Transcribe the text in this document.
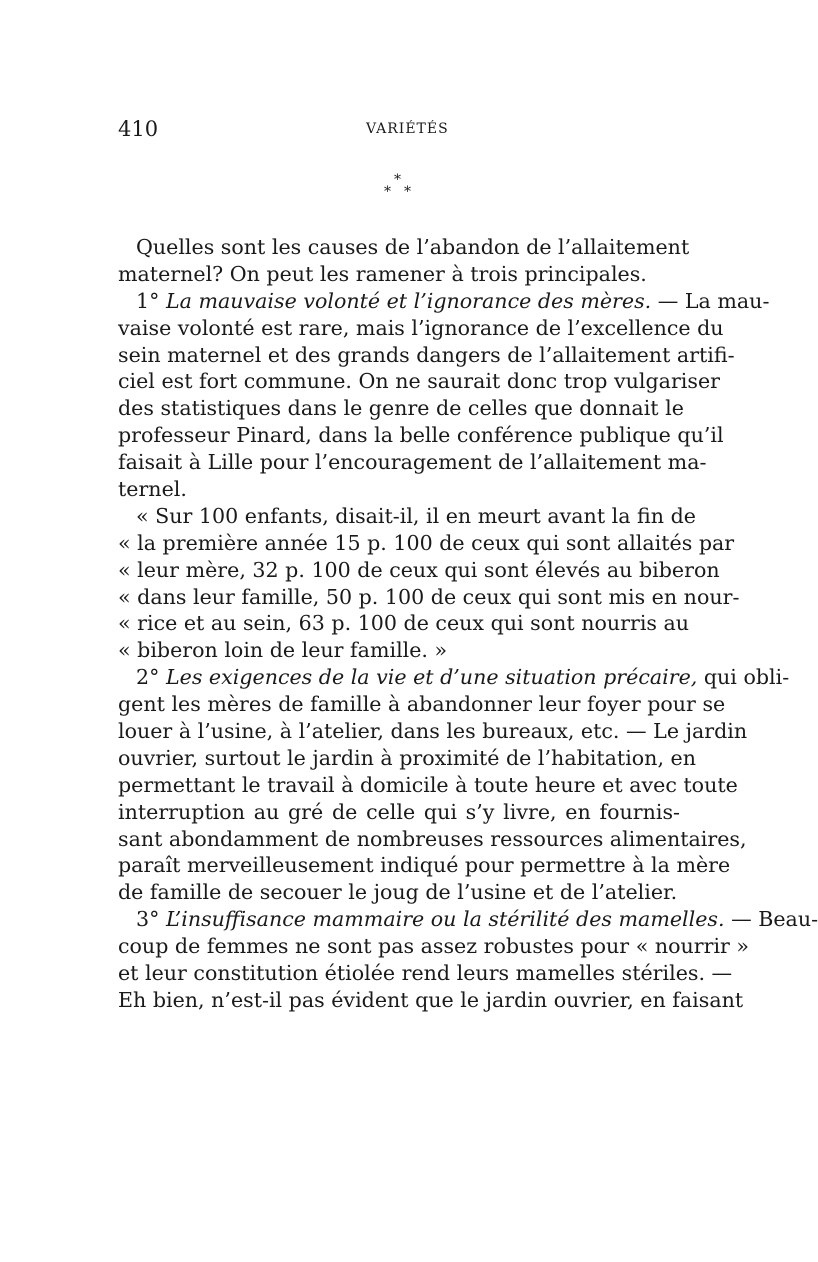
410	VARIÉTÉS
*
* *
Quelles sont les causes de l’abandon de l’allaitement
maternel? On peut les ramener à trois principales.
1° La mauvaise volonté et l’ignorance des mères. — La mau-
vaise volonté est rare, mais l’ignorance de l’excellence du
sein maternel et des grands dangers de l’allaitement artifi-
ciel est fort commune. On ne saurait donc trop vulgariser
des statistiques dans le genre de celles que donnait le
professeur Pinard, dans la belle conférence publique qu’il
faisait à Lille pour l’encouragement de l’allaitement ma-
ternel.
« Sur 100 enfants, disait-il, il en meurt avant la fin de
« la première année 15 p. 100 de ceux qui sont allaités par
« leur mère, 32 p. 100 de ceux qui sont élevés au biberon
« dans leur famille, 50 p. 100 de ceux qui sont mis en nour-
« rice et au sein, 63 p. 100 de ceux qui sont nourris au
« biberon loin de leur famille. »
2° Les exigences de la vie et d’une situation précaire, qui obli-
gent les mères de famille à abandonner leur foyer pour se
louer à l’usine, à l’atelier, dans les bureaux, etc. — Le jardin
ouvrier, surtout le jardin à proximité de l’habitation, en
permettant le travail à domicile à toute heure et avec toute
interruption au gré de celle qui s’y livre, en fournis-
sant abondamment de nombreuses ressources alimentaires,
paraît merveilleusement indiqué pour permettre à la mère
de famille de secouer le joug de l’usine et de l’atelier.
3° L’insuffisance mammaire ou la stérilité des mamelles. — Beau-
coup de femmes ne sont pas assez robustes pour « nourrir »
et leur constitution étiolée rend leurs mamelles stériles. —
Eh bien, n’est-il pas évident que le jardin ouvrier, en faisant
